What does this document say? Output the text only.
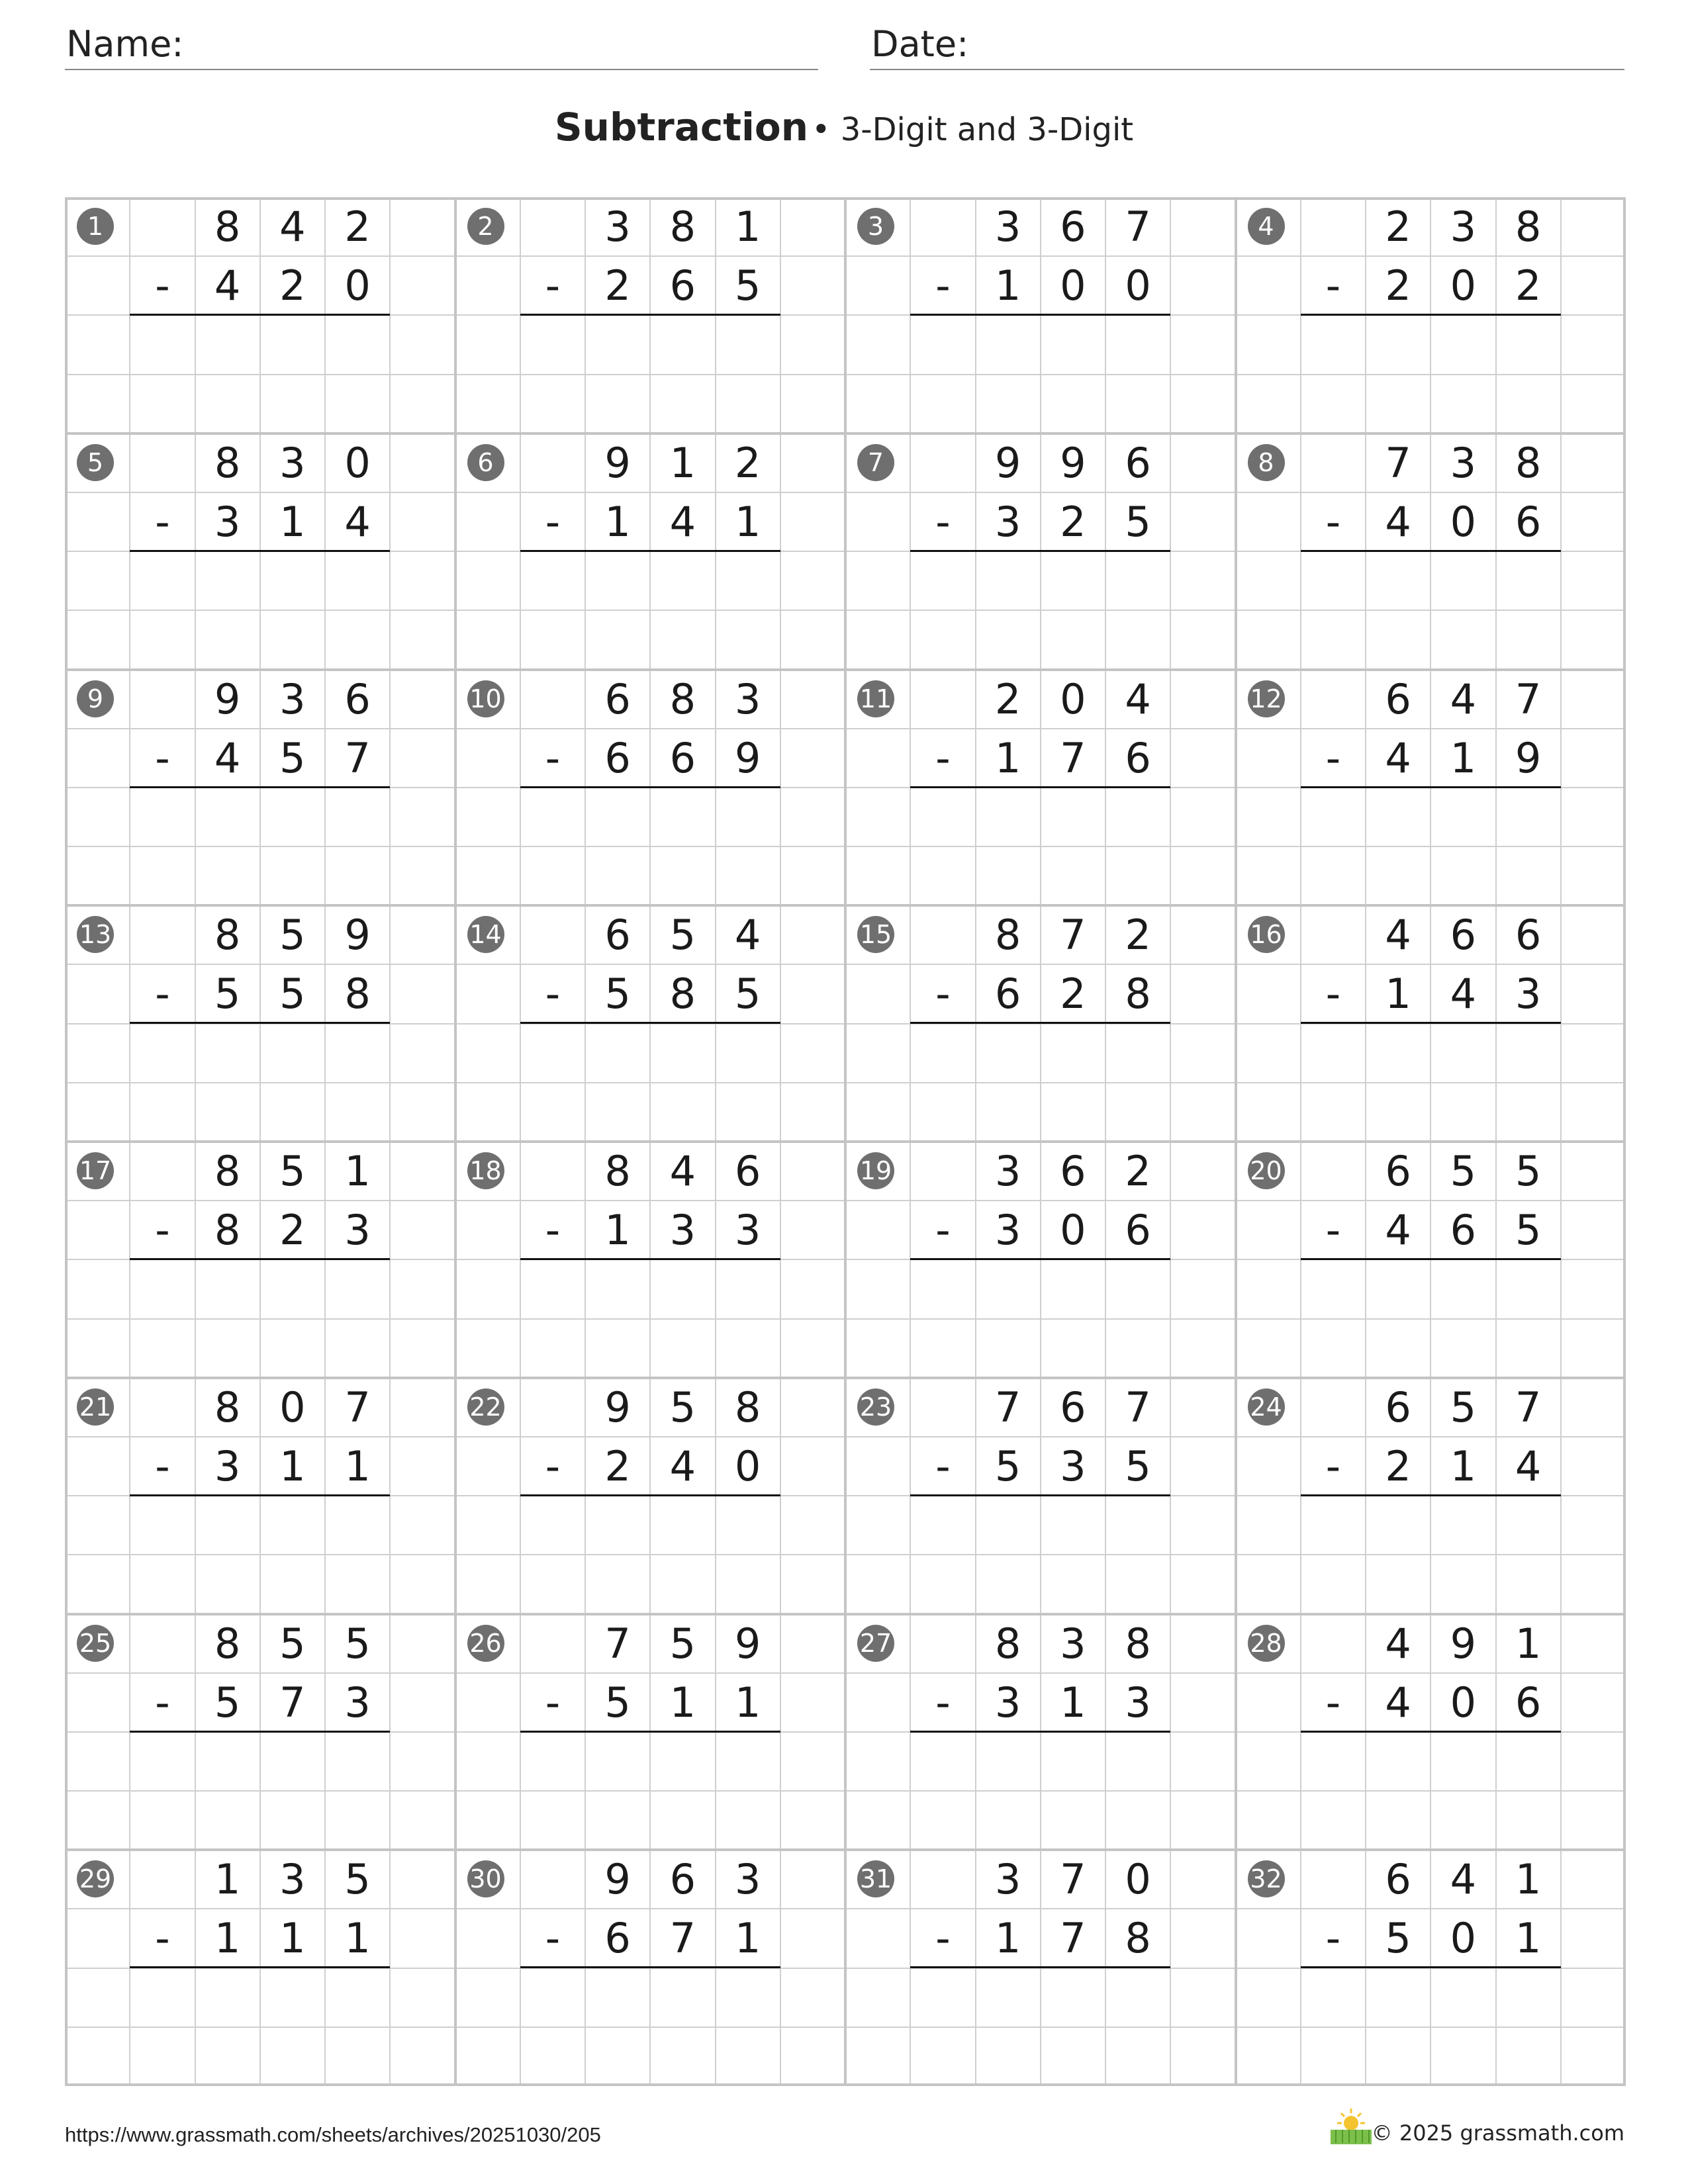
Name:	Date:
Subtraction • 3-Digit and 3-Digit
1	8 4 2
-	4 2 0
2	3 8 1
-	2 6 5
3	3 6 7
-	1 0 0
4	2 3 8
-	2 0 2
5	8 3 0
-	3 1 4
6	9 1 2
-	1 4 1
7	9 9 6
-	3 2 5
8	7 3 8
-	4 0 6
9	9 3 6
-	4 5 7
10	6 8 3
-	6 6 9
11	2 0 4
-	1 7 6
12	6 4 7
-	4 1 9
13	8 5 9
-	5 5 8
14	6 5 4
-	5 8 5
15	8 7 2
-	6 2 8
16	4 6 6
-	1 4 3
17	8 5 1
-	8 2 3
18	8 4 6
-	1 3 3
19	3 6 2
-	3 0 6
20	6 5 5
-	4 6 5
21	8 0 7
-	3 1 1
22	9 5 8
-	2 4 0
23	7 6 7
-	5 3 5
24	6 5 7
-	2 1 4
25	8 5 5
-	5 7 3
26	7 5 9
-	5 1 1
27	8 3 8
-	3 1 3
28	4 9 1
-	4 0 6
29	1 3 5
-	1 1 1
30	9 6 3
-	6 7 1
31	3 7 0
-	1 7 8
32	6 4 1
-	5 0 1
https://www.grassmath.com/sheets/archives/20251030/205	© 2025 grassmath.com
